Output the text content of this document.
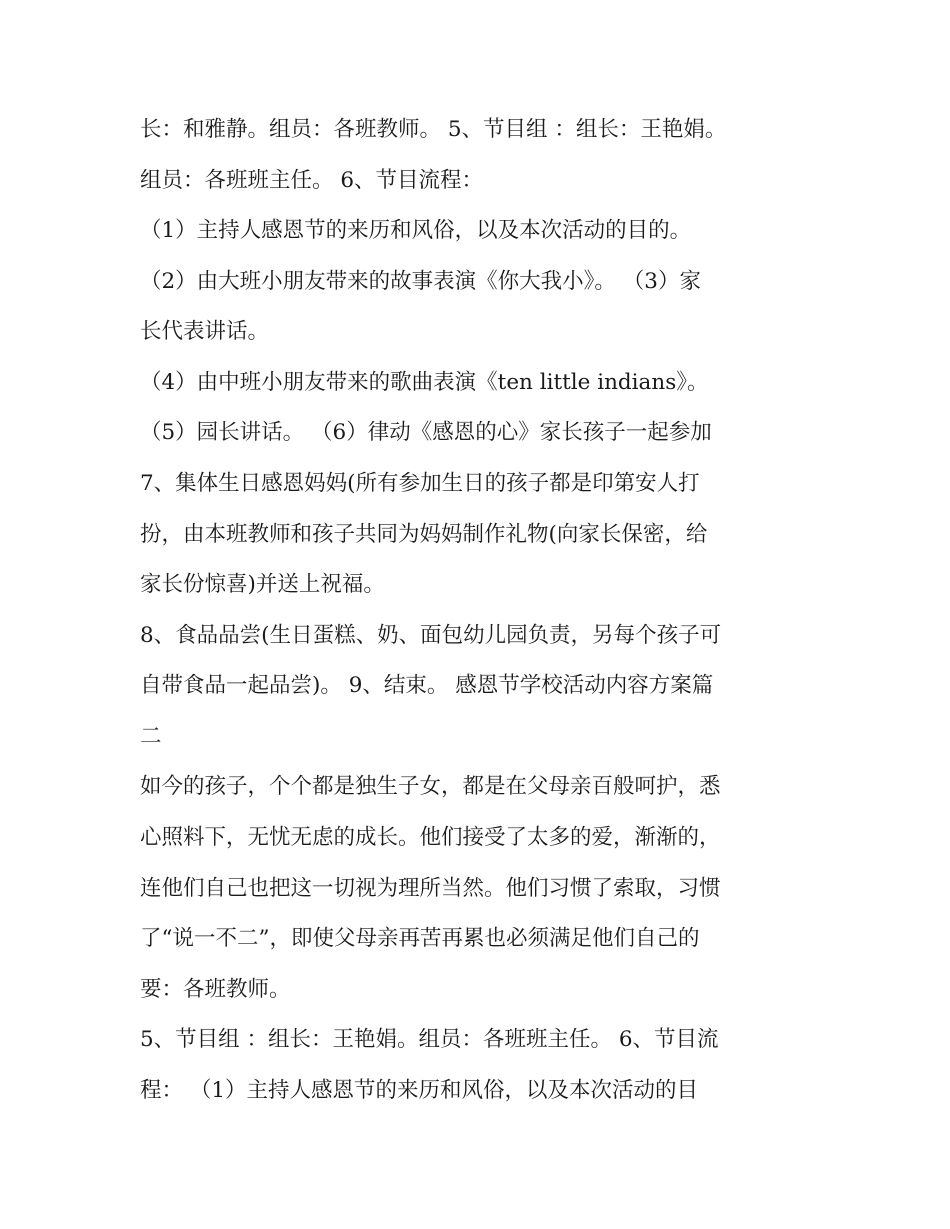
长：和雅静。组员：各班教师。 5、节目组 ：组长：王艳娟。
组员：各班班主任。 6、节目流程：
（1）主持人感恩节的来历和风俗，以及本次活动的目的。
（2）由大班小朋友带来的故事表演《你大我小》。 （3）家
长代表讲话。
（4）由中班小朋友带来的歌曲表演《ten little indians》。
（5）园长讲话。 （6）律动《感恩的心》家长孩子一起参加
7、集体生日感恩妈妈(所有参加生日的孩子都是印第安人打
扮，由本班教师和孩子共同为妈妈制作礼物(向家长保密，给
家长份惊喜)并送上祝福。
8、食品品尝(生日蛋糕、奶、面包幼儿园负责，另每个孩子可
自带食品一起品尝)。 9、结束。 感恩节学校活动内容方案篇
二
如今的孩子，个个都是独生子女，都是在父母亲百般呵护，悉
心照料下，无忧无虑的成长。他们接受了太多的爱，渐渐的，
连他们自己也把这一切视为理所当然。他们习惯了索取，习惯
了“说一不二”，即使父母亲再苦再累也必须满足他们自己的
要：各班教师。
5、节目组 ：组长：王艳娟。组员：各班班主任。 6、节目流
程： （1）主持人感恩节的来历和风俗，以及本次活动的目
